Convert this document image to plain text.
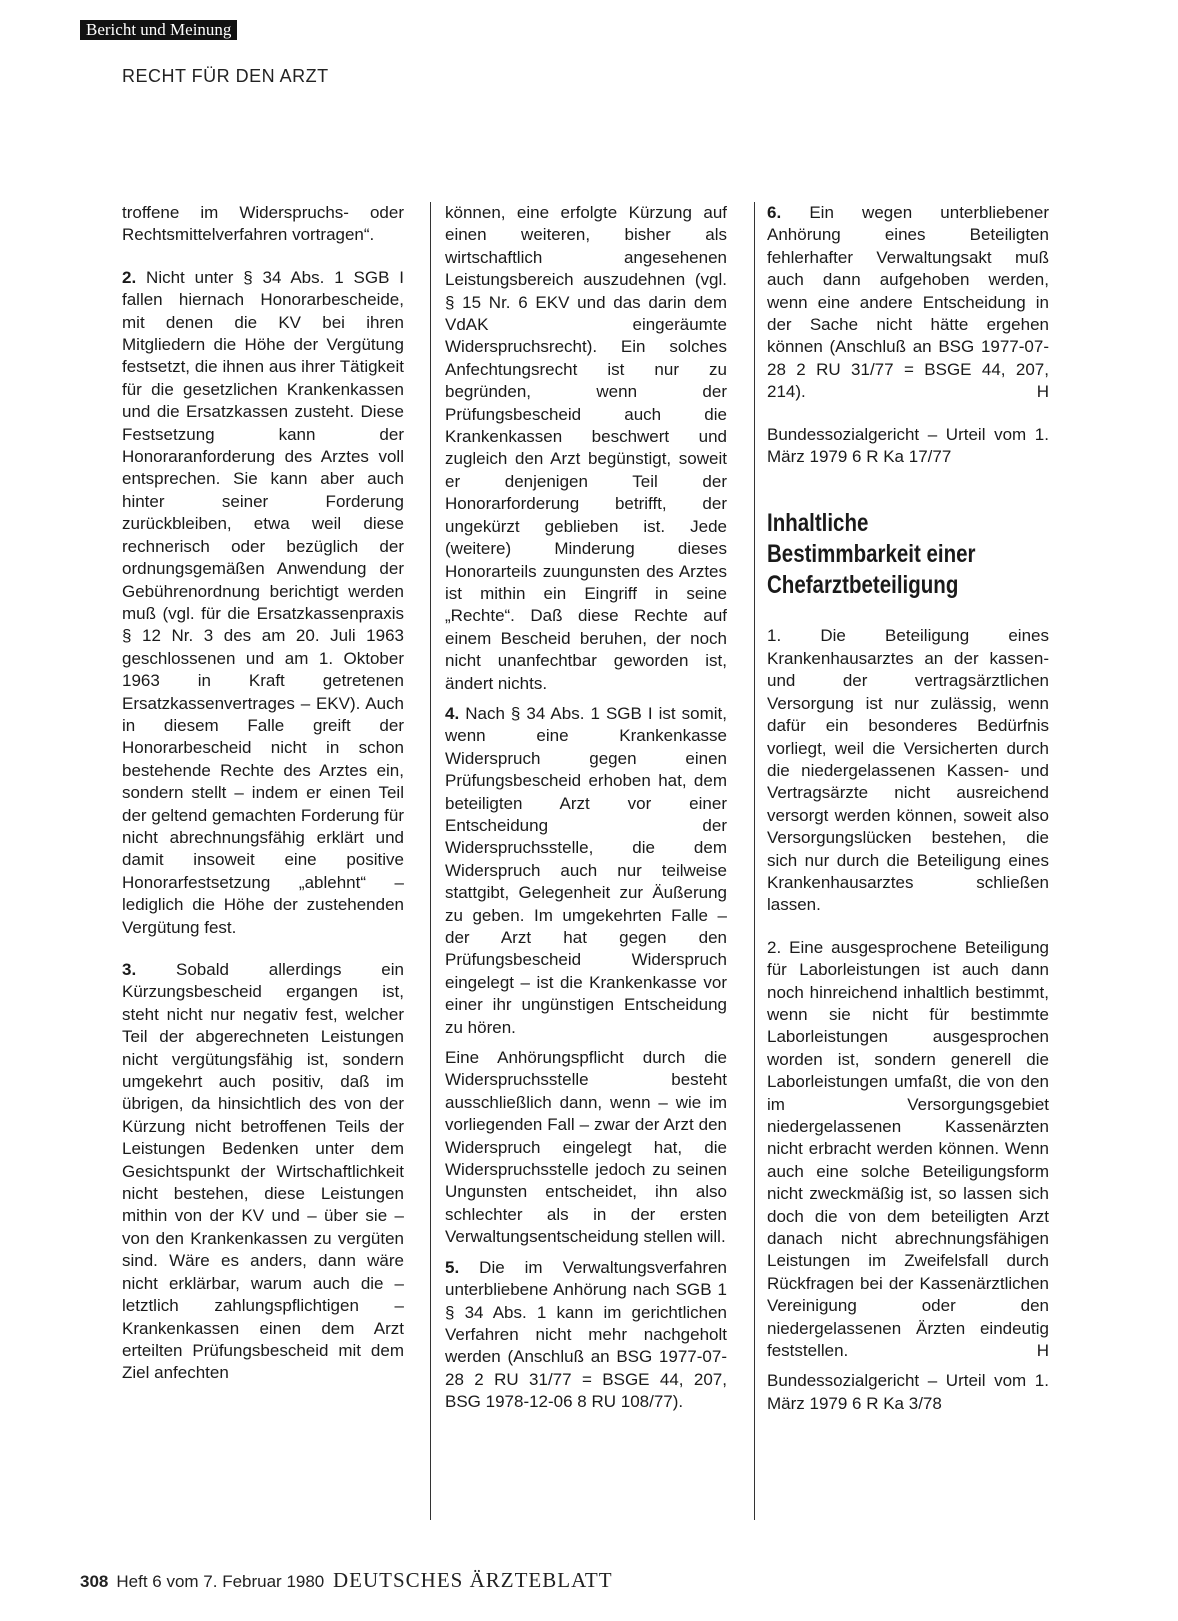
Bericht und Meinung
RECHT FÜR DEN ARZT

troffene im Widerspruchs- oder Rechtsmittelverfahren vortragen“.

2. Nicht unter § 34 Abs. 1 SGB I fallen hiernach Honorarbescheide, mit denen die KV bei ihren Mitgliedern die Höhe der Vergütung festsetzt, die ihnen aus ihrer Tätigkeit für die gesetzlichen Krankenkassen und die Ersatzkassen zusteht. Diese Festsetzung kann der Honoraranforderung des Arztes voll entsprechen. Sie kann aber auch hinter seiner Forderung zurückbleiben, etwa weil diese rechnerisch oder bezüglich der ordnungsgemäßen Anwendung der Gebührenordnung berichtigt werden muß (vgl. für die Ersatzkassenpraxis § 12 Nr. 3 des am 20. Juli 1963 geschlossenen und am 1. Oktober 1963 in Kraft getretenen Ersatzkassenvertrages – EKV). Auch in diesem Falle greift der Honorarbescheid nicht in schon bestehende Rechte des Arztes ein, sondern stellt – indem er einen Teil der geltend gemachten Forderung für nicht abrechnungsfähig erklärt und damit insoweit eine positive Honorarfestsetzung „ablehnt“ – lediglich die Höhe der zustehenden Vergütung fest.

3. Sobald allerdings ein Kürzungsbescheid ergangen ist, steht nicht nur negativ fest, welcher Teil der abgerechneten Leistungen nicht vergütungsfähig ist, sondern umgekehrt auch positiv, daß im übrigen, da hinsichtlich des von der Kürzung nicht betroffenen Teils der Leistungen Bedenken unter dem Gesichtspunkt der Wirtschaftlichkeit nicht bestehen, diese Leistungen mithin von der KV und – über sie – von den Krankenkassen zu vergüten sind. Wäre es anders, dann wäre nicht erklärbar, warum auch die – letztlich zahlungspflichtigen – Krankenkassen einen dem Arzt erteilten Prüfungsbescheid mit dem Ziel anfechten

können, eine erfolgte Kürzung auf einen weiteren, bisher als wirtschaftlich angesehenen Leistungsbereich auszudehnen (vgl. § 15 Nr. 6 EKV und das darin dem VdAK eingeräumte Widerspruchsrecht). Ein solches Anfechtungsrecht ist nur zu begründen, wenn der Prüfungsbescheid auch die Krankenkassen beschwert und zugleich den Arzt begünstigt, soweit er denjenigen Teil der Honorarforderung betrifft, der ungekürzt geblieben ist. Jede (weitere) Minderung dieses Honorarteils zuungunsten des Arztes ist mithin ein Eingriff in seine „Rechte“. Daß diese Rechte auf einem Bescheid beruhen, der noch nicht unanfechtbar geworden ist, ändert nichts.

4. Nach § 34 Abs. 1 SGB I ist somit, wenn eine Krankenkasse Widerspruch gegen einen Prüfungsbescheid erhoben hat, dem beteiligten Arzt vor einer Entscheidung der Widerspruchsstelle, die dem Widerspruch auch nur teilweise stattgibt, Gelegenheit zur Äußerung zu geben. Im umgekehrten Falle – der Arzt hat gegen den Prüfungsbescheid Widerspruch eingelegt – ist die Krankenkasse vor einer ihr ungünstigen Entscheidung zu hören.

Eine Anhörungspflicht durch die Widerspruchsstelle besteht ausschließlich dann, wenn – wie im vorliegenden Fall – zwar der Arzt den Widerspruch eingelegt hat, die Widerspruchsstelle jedoch zu seinen Ungunsten entscheidet, ihn also schlechter als in der ersten Verwaltungsentscheidung stellen will.

5. Die im Verwaltungsverfahren unterbliebene Anhörung nach SGB 1 § 34 Abs. 1 kann im gerichtlichen Verfahren nicht mehr nachgeholt werden (Anschluß an BSG 1977-07-28 2 RU 31/77 = BSGE 44, 207, BSG 1978-12-06 8 RU 108/77).

6. Ein wegen unterbliebener Anhörung eines Beteiligten fehlerhafter Verwaltungsakt muß auch dann aufgehoben werden, wenn eine andere Entscheidung in der Sache nicht hätte ergehen können (Anschluß an BSG 1977-07-28 2 RU 31/77 = BSGE 44, 207, 214).	H

Bundessozialgericht – Urteil vom 1. März 1979 6 R Ka 17/77

Inhaltliche
Bestimmbarkeit einer
Chefarztbeteiligung

1. Die Beteiligung eines Krankenhausarztes an der kassen- und der vertragsärztlichen Versorgung ist nur zulässig, wenn dafür ein besonderes Bedürfnis vorliegt, weil die Versicherten durch die niedergelassenen Kassen- und Vertragsärzte nicht ausreichend versorgt werden können, soweit also Versorgungslücken bestehen, die sich nur durch die Beteiligung eines Krankenhausarztes schließen lassen.

2. Eine ausgesprochene Beteiligung für Laborleistungen ist auch dann noch hinreichend inhaltlich bestimmt, wenn sie nicht für bestimmte Laborleistungen ausgesprochen worden ist, sondern generell die Laborleistungen umfaßt, die von den im Versorgungsgebiet niedergelassenen Kassenärzten nicht erbracht werden können. Wenn auch eine solche Beteiligungsform nicht zweckmäßig ist, so lassen sich doch die von dem beteiligten Arzt danach nicht abrechnungsfähigen Leistungen im Zweifelsfall durch Rückfragen bei der Kassenärztlichen Vereinigung oder den niedergelassenen Ärzten eindeutig feststellen.	H

Bundessozialgericht – Urteil vom 1. März 1979 6 R Ka 3/78

308 Heft 6 vom 7. Februar 1980 DEUTSCHES ÄRZTEBLATT
